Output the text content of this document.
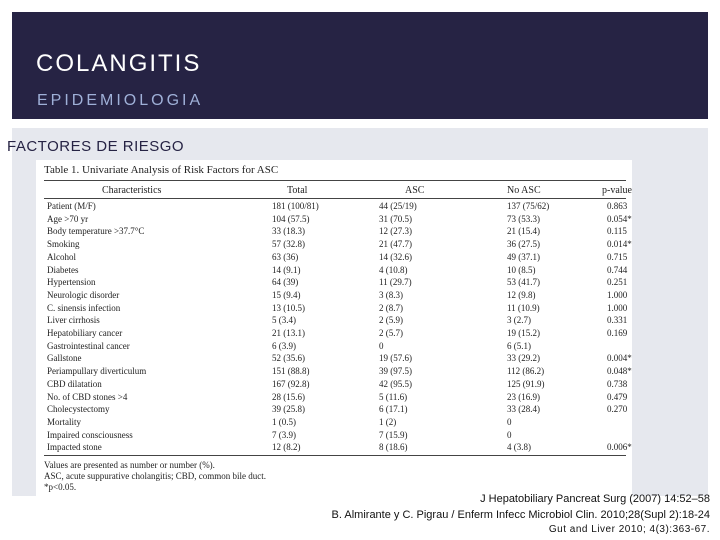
COLANGITIS
EPIDEMIOLOGIA
FACTORES DE RIESGO
Table 1. Univariate Analysis of Risk Factors for ASC
Characteristics	Total	ASC	No ASC	p-value
Patient (M/F)	181 (100/81)	44 (25/19)	137 (75/62)	0.863
Age >70 yr	104 (57.5)	31 (70.5)	73 (53.3)	0.054*
Body temperature >37.7°C	33 (18.3)	12 (27.3)	21 (15.4)	0.115
Smoking	57 (32.8)	21 (47.7)	36 (27.5)	0.014*
Alcohol	63 (36)	14 (32.6)	49 (37.1)	0.715
Diabetes	14 (9.1)	4 (10.8)	10 (8.5)	0.744
Hypertension	64 (39)	11 (29.7)	53 (41.7)	0.251
Neurologic disorder	15 (9.4)	3 (8.3)	12 (9.8)	1.000
C. sinensis infection	13 (10.5)	2 (8.7)	11 (10.9)	1.000
Liver cirrhosis	5 (3.4)	2 (5.9)	3 (2.7)	0.331
Hepatobiliary cancer	21 (13.1)	2 (5.7)	19 (15.2)	0.169
Gastrointestinal cancer	6 (3.9)	0	6 (5.1)
Gallstone	52 (35.6)	19 (57.6)	33 (29.2)	0.004*
Periampullary diverticulum	151 (88.8)	39 (97.5)	112 (86.2)	0.048*
CBD dilatation	167 (92.8)	42 (95.5)	125 (91.9)	0.738
No. of CBD stones >4	28 (15.6)	5 (11.6)	23 (16.9)	0.479
Cholecystectomy	39 (25.8)	6 (17.1)	33 (28.4)	0.270
Mortality	1 (0.5)	1 (2)	0
Impaired consciousness	7 (3.9)	7 (15.9)	0
Impacted stone	12 (8.2)	8 (18.6)	4 (3.8)	0.006*
Values are presented as number or number (%).
ASC, acute suppurative cholangitis; CBD, common bile duct.
*p<0.05.
J Hepatobiliary Pancreat Surg (2007) 14:52–58
B. Almirante y C. Pigrau / Enferm Infecc Microbiol Clin. 2010;28(Supl 2):18-24
Gut and Liver 2010; 4(3):363-67.
